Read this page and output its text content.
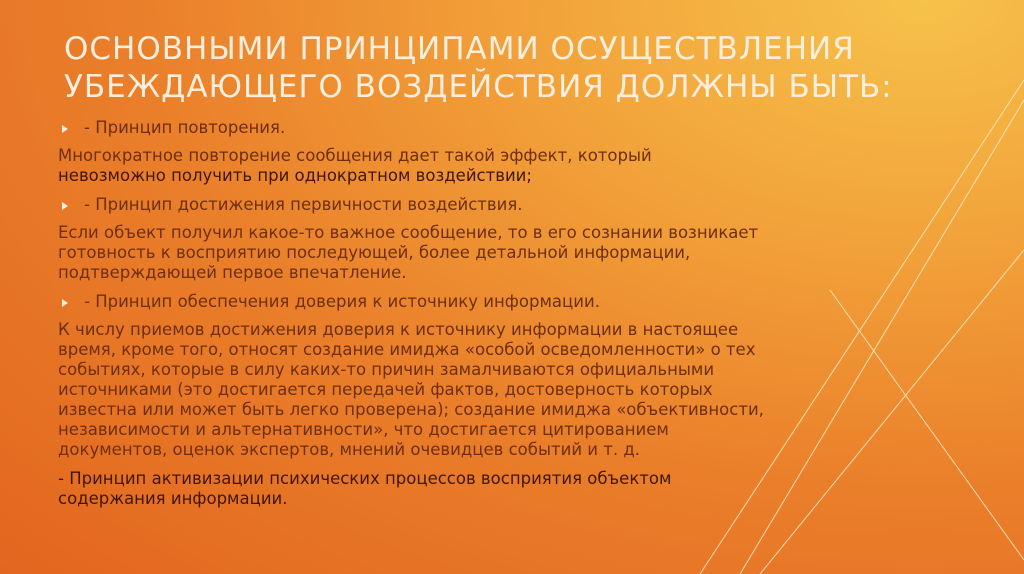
ОСНОВНЫМИ ПРИНЦИПАМИ ОСУЩЕСТВЛЕНИЯ
УБЕЖДАЮЩЕГО ВОЗДЕЙСТВИЯ ДОЛЖНЫ БЫТЬ:
- Принцип повторения.
Многократное повторение сообщения дает такой эффект, который
невозможно получить при однократном воздействии;
- Принцип достижения первичности воздействия.
Если объект получил какое-то важное сообщение, то в его сознании возникает
готовность к восприятию последующей, более детальной информации,
подтверждающей первое впечатление.
- Принцип обеспечения доверия к источнику информации.
К числу приемов достижения доверия к источнику информации в настоящее
время, кроме того, относят создание имиджа «особой осведомленности» о тех
событиях, которые в силу каких-то причин замалчиваются официальными
источниками (это достигается передачей фактов, достоверность которых
известна или может быть легко проверена); создание имиджа «объективности,
независимости и альтернативности», что достигается цитированием
документов, оценок экспертов, мнений очевидцев событий и т. д.
- Принцип активизации психических процессов восприятия объектом
содержания информации.
